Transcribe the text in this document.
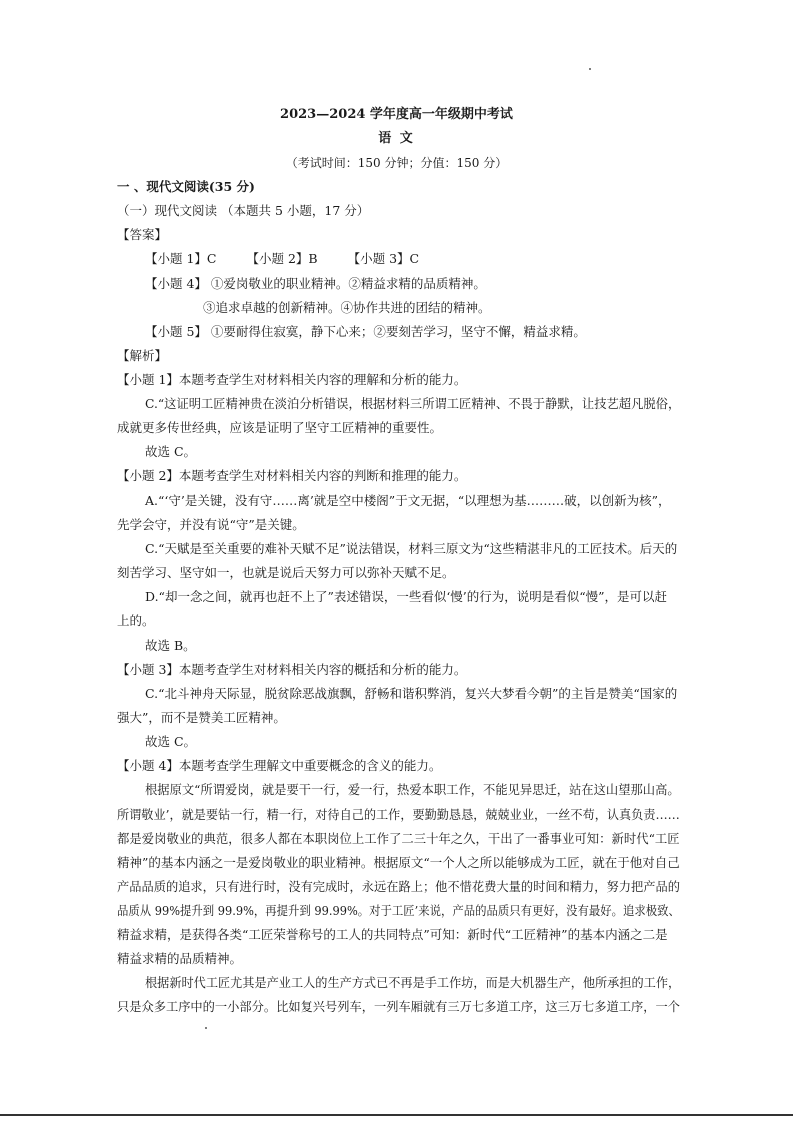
2023—2024 学年度高一年级期中考试
语 文
（考试时间：150 分钟；分值：150 分）
一 、现代文阅读(35 分)
（一）现代文阅读 （本题共 5 小题，17 分）
【答案】
【小题 1】C 【小题 2】B 【小题 3】C
【小题 4】 ①爱岗敬业的职业精神。②精益求精的品质精神。
③追求卓越的创新精神。④协作共进的团结的精神。
【小题 5】 ①要耐得住寂寞，静下心来；②要刻苦学习，坚守不懈，精益求精。
【解析】
【小题 1】本题考查学生对材料相关内容的理解和分析的能力。
C.“这证明工匠精神贵在淡泊分析错误，根据材料三所谓工匠精神、不畏于静默，让技艺超凡脱俗，
成就更多传世经典，应该是证明了坚守工匠精神的重要性。
故选 C。
【小题 2】本题考查学生对材料相关内容的判断和推理的能力。
A.“‘守’是关键，没有守……离’就是空中楼阁”于文无据，“以理想为基………破，以创新为核”，
先学会守，并没有说“守”是关键。
C.“天赋是至关重要的难补天赋不足”说法错误，材料三原文为“这些精湛非凡的工匠技术。后天的
刻苦学习、坚守如一，也就是说后天努力可以弥补天赋不足。
D.“却一念之间，就再也赶不上了”表述错误，一些看似‘慢’的行为，说明是看似“慢”，是可以赶
上的。
故选 B。
【小题 3】本题考查学生对材料相关内容的概括和分析的能力。
C.“北斗神舟天际显，脱贫除恶战旗飘，舒畅和谐积弊消，复兴大梦看今朝”的主旨是赞美“国家的
强大”，而不是赞美工匠精神。
故选 C。
【小题 4】本题考查学生理解文中重要概念的含义的能力。
根据原文“所谓爱岗，就是要干一行，爱一行，热爱本职工作，不能见异思迁，站在这山望那山高。
所谓敬业’，就是要钻一行，精一行，对待自己的工作，要勤勤恳恳，兢兢业业，一丝不苟，认真负责……
都是爱岗敬业的典范，很多人都在本职岗位上工作了二三十年之久，干出了一番事业可知：新时代“工匠
精神”的基本内涵之一是爱岗敬业的职业精神。根据原文“一个人之所以能够成为工匠，就在于他对自己
产品品质的追求，只有进行时，没有完成时，永远在路上；他不惜花费大量的时间和精力，努力把产品的
品质从 99%提升到 99.9%，再提升到 99.99%。对于工匠’来说，产品的品质只有更好，没有最好。追求极致、
精益求精，是获得各类“工匠荣誉称号的工人的共同特点”可知：新时代“工匠精神”的基本内涵之二是
精益求精的品质精神。
根据新时代工匠尤其是产业工人的生产方式已不再是手工作坊，而是大机器生产，他所承担的工作，
只是众多工序中的一小部分。比如复兴号列车，一列车厢就有三万七多道工序，这三万七多道工序，一个
